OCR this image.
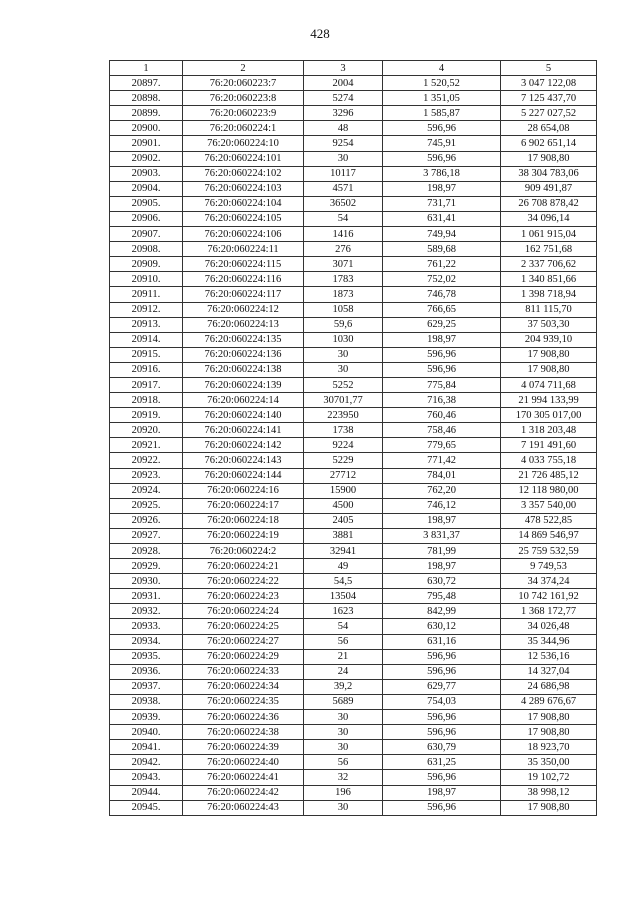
428
1	2	3	4	5
20897.	76:20:060223:7	2004	1 520,52	3 047 122,08
20898.	76:20:060223:8	5274	1 351,05	7 125 437,70
20899.	76:20:060223:9	3296	1 585,87	5 227 027,52
20900.	76:20:060224:1	48	596,96	28 654,08
20901.	76:20:060224:10	9254	745,91	6 902 651,14
20902.	76:20:060224:101	30	596,96	17 908,80
20903.	76:20:060224:102	10117	3 786,18	38 304 783,06
20904.	76:20:060224:103	4571	198,97	909 491,87
20905.	76:20:060224:104	36502	731,71	26 708 878,42
20906.	76:20:060224:105	54	631,41	34 096,14
20907.	76:20:060224:106	1416	749,94	1 061 915,04
20908.	76:20:060224:11	276	589,68	162 751,68
20909.	76:20:060224:115	3071	761,22	2 337 706,62
20910.	76:20:060224:116	1783	752,02	1 340 851,66
20911.	76:20:060224:117	1873	746,78	1 398 718,94
20912.	76:20:060224:12	1058	766,65	811 115,70
20913.	76:20:060224:13	59,6	629,25	37 503,30
20914.	76:20:060224:135	1030	198,97	204 939,10
20915.	76:20:060224:136	30	596,96	17 908,80
20916.	76:20:060224:138	30	596,96	17 908,80
20917.	76:20:060224:139	5252	775,84	4 074 711,68
20918.	76:20:060224:14	30701,77	716,38	21 994 133,99
20919.	76:20:060224:140	223950	760,46	170 305 017,00
20920.	76:20:060224:141	1738	758,46	1 318 203,48
20921.	76:20:060224:142	9224	779,65	7 191 491,60
20922.	76:20:060224:143	5229	771,42	4 033 755,18
20923.	76:20:060224:144	27712	784,01	21 726 485,12
20924.	76:20:060224:16	15900	762,20	12 118 980,00
20925.	76:20:060224:17	4500	746,12	3 357 540,00
20926.	76:20:060224:18	2405	198,97	478 522,85
20927.	76:20:060224:19	3881	3 831,37	14 869 546,97
20928.	76:20:060224:2	32941	781,99	25 759 532,59
20929.	76:20:060224:21	49	198,97	9 749,53
20930.	76:20:060224:22	54,5	630,72	34 374,24
20931.	76:20:060224:23	13504	795,48	10 742 161,92
20932.	76:20:060224:24	1623	842,99	1 368 172,77
20933.	76:20:060224:25	54	630,12	34 026,48
20934.	76:20:060224:27	56	631,16	35 344,96
20935.	76:20:060224:29	21	596,96	12 536,16
20936.	76:20:060224:33	24	596,96	14 327,04
20937.	76:20:060224:34	39,2	629,77	24 686,98
20938.	76:20:060224:35	5689	754,03	4 289 676,67
20939.	76:20:060224:36	30	596,96	17 908,80
20940.	76:20:060224:38	30	596,96	17 908,80
20941.	76:20:060224:39	30	630,79	18 923,70
20942.	76:20:060224:40	56	631,25	35 350,00
20943.	76:20:060224:41	32	596,96	19 102,72
20944.	76:20:060224:42	196	198,97	38 998,12
20945.	76:20:060224:43	30	596,96	17 908,80
